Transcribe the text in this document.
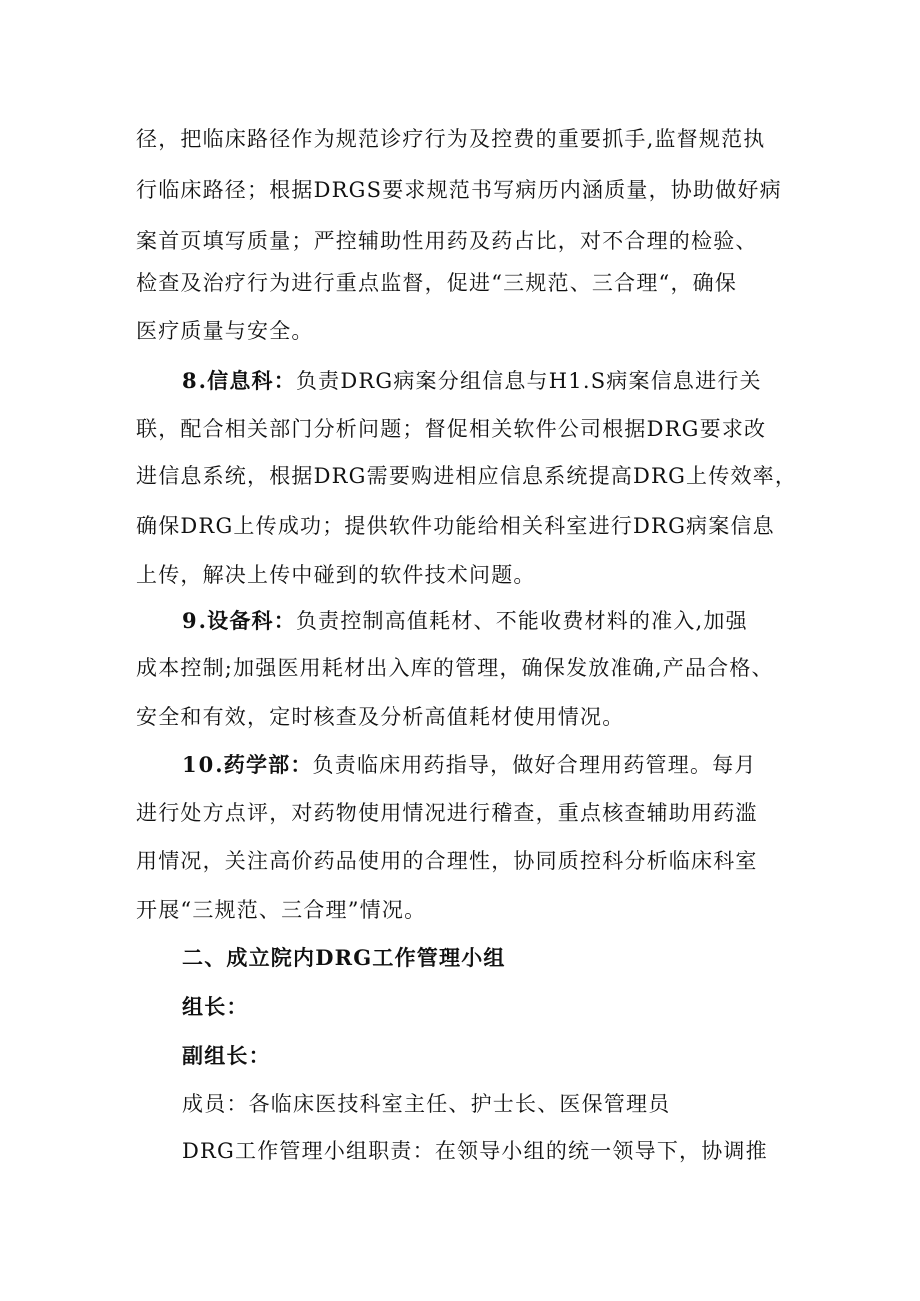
径，把临床路径作为规范诊疗行为及控费的重要抓手,监督规范执
行临床路径；根据DRGS要求规范书写病历内涵质量，协助做好病
案首页填写质量；严控辅助性用药及药占比，对不合理的检验、
检查及治疗行为进行重点监督，促进“三规范、三合理“，确保
医疗质量与安全。
8.信息科：负责DRG病案分组信息与H1.S病案信息进行关
联，配合相关部门分析问题；督促相关软件公司根据DRG要求改
进信息系统，根据DRG需要购进相应信息系统提高DRG上传效率，
确保DRG上传成功；提供软件功能给相关科室进行DRG病案信息
上传，解决上传中碰到的软件技术问题。
9.设备科：负责控制高值耗材、不能收费材料的准入,加强
成本控制;加强医用耗材出入库的管理，确保发放准确,产品合格、
安全和有效，定时核查及分析高值耗材使用情况。
10.药学部：负责临床用药指导，做好合理用药管理。每月
进行处方点评，对药物使用情况进行稽查，重点核查辅助用药滥
用情况，关注高价药品使用的合理性，协同质控科分析临床科室
开展“三规范、三合理”情况。
二、成立院内DRG工作管理小组
组长：
副组长：
成员：各临床医技科室主任、护士长、医保管理员
DRG工作管理小组职责：在领导小组的统一领导下，协调推
